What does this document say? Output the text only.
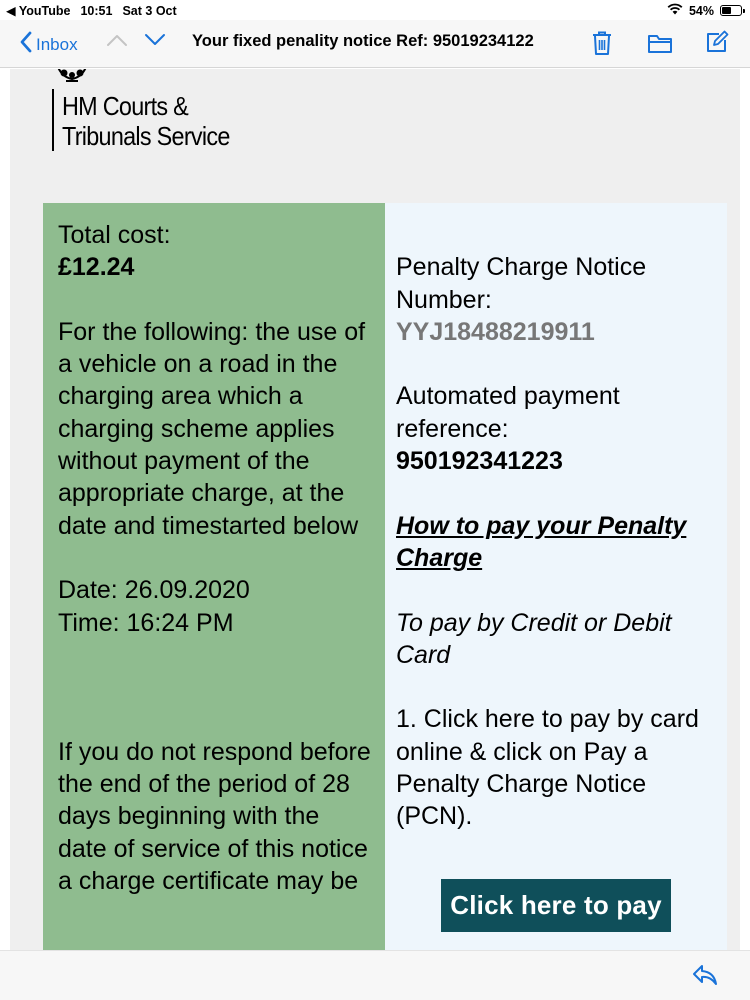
◀ YouTube 10:51 Sat 3 Oct	54%
Inbox	Your fixed penality notice Ref: 95019234122
HM Courts &
Tribunals Service
Total cost:
£12.24
For the following: the use of a vehicle on a road in the charging area which a charging scheme applies without payment of the appropriate charge, at the date and timestarted below
Date: 26.09.2020
Time: 16:24 PM
If you do not respond before the end of the period of 28 days beginning with the date of service of this notice a charge certificate may be
Penalty Charge Notice Number:
YYJ18488219911
Automated payment reference:
950192341223
How to pay your Penalty Charge
To pay by Credit or Debit Card
1. Click here to pay by card online & click on Pay a Penalty Charge Notice (PCN).
Click here to pay
